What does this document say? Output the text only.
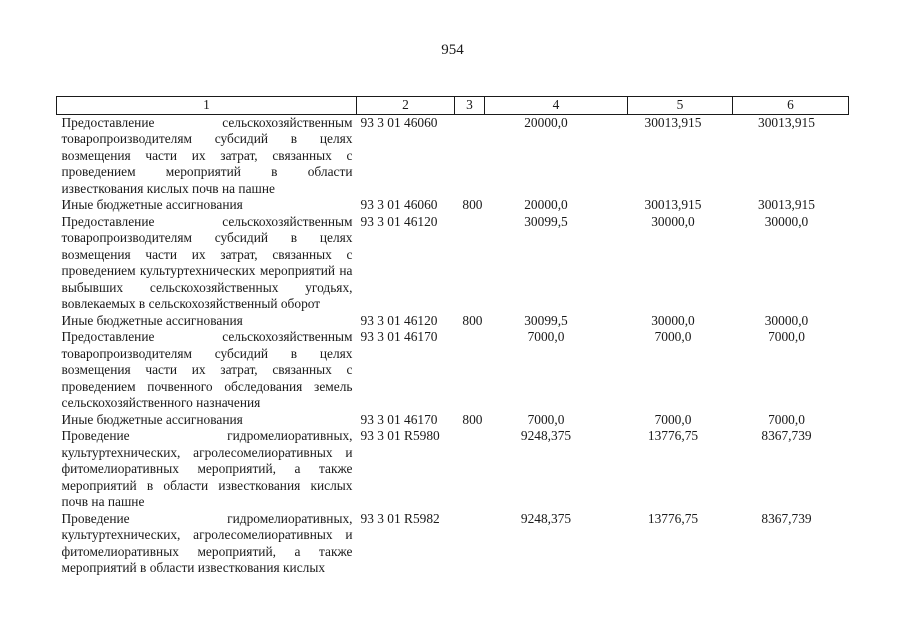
954
1	2	3	4	5	6
Предоставление сельскохозяйственным товаропроизводителям субсидий в целях возмещения части их затрат, связанных с проведением мероприятий в области известкования кислых почв на пашне	93 3 01 46060		20000,0	30013,915	30013,915
Иные бюджетные ассигнования	93 3 01 46060	800	20000,0	30013,915	30013,915
Предоставление сельскохозяйственным товаропроизводителям субсидий в целях возмещения части их затрат, связанных с проведением культуртехнических мероприятий на выбывших сельскохозяйственных угодьях, вовлекаемых в сельскохозяйственный оборот	93 3 01 46120		30099,5	30000,0	30000,0
Иные бюджетные ассигнования	93 3 01 46120	800	30099,5	30000,0	30000,0
Предоставление сельскохозяйственным товаропроизводителям субсидий в целях возмещения части их затрат, связанных с проведением почвенного обследования земель сельскохозяйственного назначения	93 3 01 46170		7000,0	7000,0	7000,0
Иные бюджетные ассигнования	93 3 01 46170	800	7000,0	7000,0	7000,0
Проведение гидромелиоративных, культуртехнических, агролесомелиоративных и фитомелиоративных мероприятий, а также мероприятий в области известкования кислых почв на пашне	93 3 01 R5980		9248,375	13776,75	8367,739
Проведение гидромелиоративных, культуртехнических, агролесомелиоративных и фитомелиоративных мероприятий, а также мероприятий в области известкования кислых	93 3 01 R5982		9248,375	13776,75	8367,739
